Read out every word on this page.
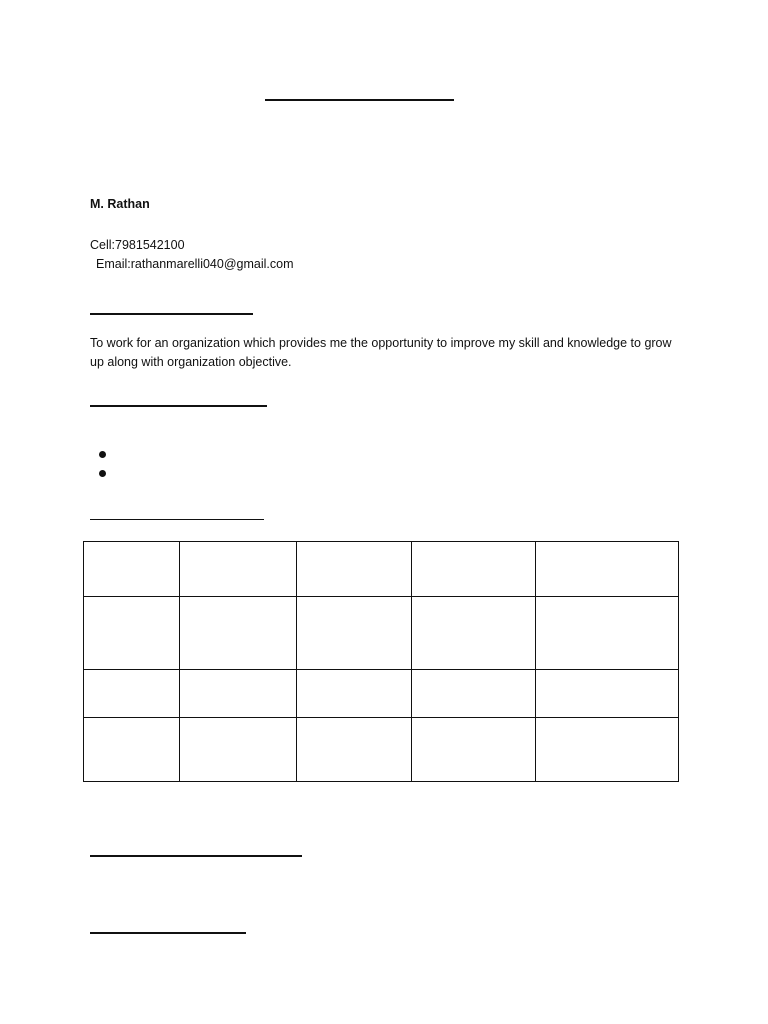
M. Rathan
Cell:7981542100
Email:rathanmarelli040@gmail.com
To work for an organization which provides me the opportunity to improve my skill and knowledge to grow up along with organization objective.
